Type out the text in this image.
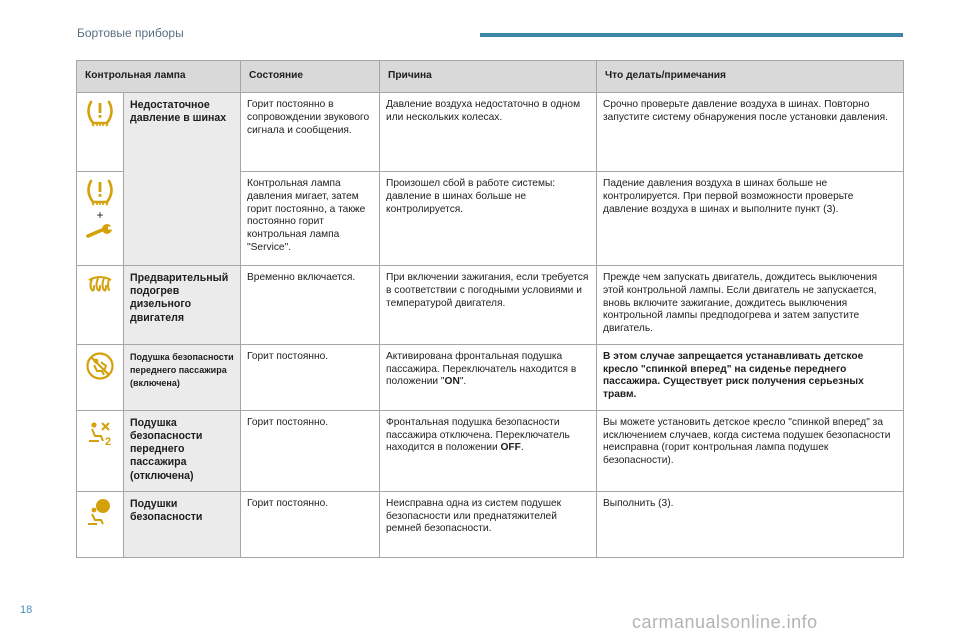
Бортовые приборы
Контрольная лампа		Состояние	Причина	Что делать/примечания

	Недостаточное давление в шинах	Горит постоянно в сопровождении звукового сигнала и сообщения.	Давление воздуха недостаточно в одном или нескольких колесах.	Срочно проверьте давление воздуха в шинах. Повторно запустите систему обнаружения после установки давления.

+		Контрольная лампа давления мигает, затем горит постоянно, а также постоянно горит контрольная лампа "Service".	Произошел сбой в работе системы: давление в шинах больше не контролируется.	Падение давления воздуха в шинах больше не контролируется. При первой возможности проверьте давление воздуха в шинах и выполните пункт (3).

	Предварительный подогрев дизельного двигателя	Временно включается.	При включении зажигания, если требуется в соответствии с погодными условиями и температурой двигателя.	Прежде чем запускать двигатель, дождитесь выключения этой контрольной лампы. Если двигатель не запускается, вновь включите зажигание, дождитесь выключения контрольной лампы предподогрева и затем запустите двигатель.

	Подушка безопасности переднего пассажира (включена)	Горит постоянно.	Активирована фронтальная подушка пассажира. Переключатель находится в положении "ON".	В этом случае запрещается устанавливать детское кресло "спинкой вперед" на сиденье переднего пассажира. Существует риск получения серьезных травм.

2	Подушка безопасности переднего пассажира (отключена)	Горит постоянно.	Фронтальная подушка безопасности пассажира отключена. Переключатель находится в положении OFF.	Вы можете установить детское кресло "спинкой вперед" за исключением случаев, когда система подушек безопасности неисправна (горит контрольная лампа подушек безопасности).

	Подушки безопасности	Горит постоянно.	Неисправна одна из систем подушек безопасности или преднатяжителей ремней безопасности.	Выполнить (3).
18
carmanualsonline.info
